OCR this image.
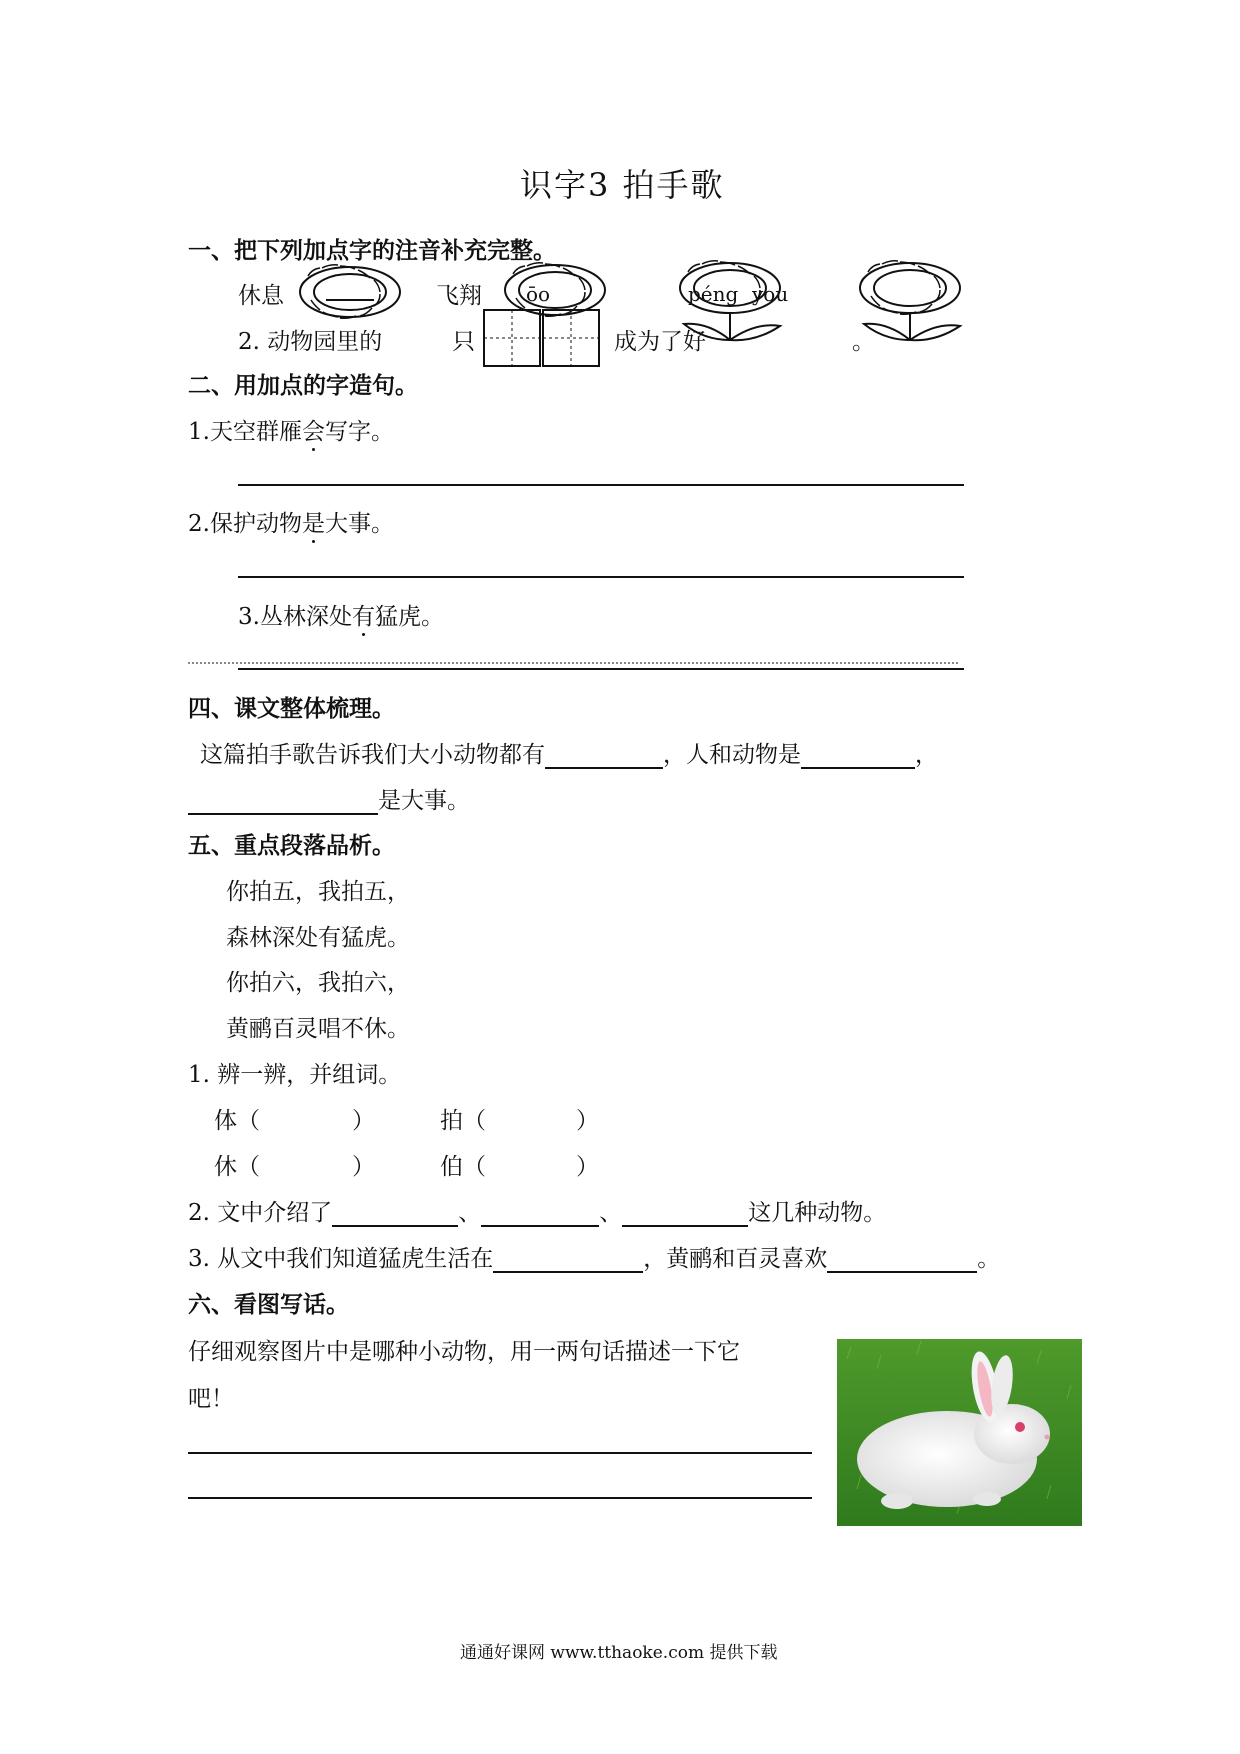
识字3 拍手歌
一、把下列加点字的注音补充完整。
休息	飞翔 ōo	péng you
2. 动物园里的	只	成为了好	。
二、用加点的字造句。
1.天空群雁会写字。
2.保护动物是大事。
3.丛林深处有猛虎。
四、课文整体梳理。
这篇拍手歌告诉我们大小动物都有	，人和动物是	，
是大事。
五、重点段落品析。
你拍五，我拍五，
森林深处有猛虎。
你拍六，我拍六，
黄鹂百灵唱不休。
1. 辨一辨，并组词。
体（	）	拍（	）
休（	）	伯（	）
2. 文中介绍了	、	、	这几种动物。
3. 从文中我们知道猛虎生活在	，黄鹂和百灵喜欢	。
六、看图写话。
仔细观察图片中是哪种小动物，用一两句话描述一下它
吧！
通通好课网 www.tthaoke.com 提供下载
